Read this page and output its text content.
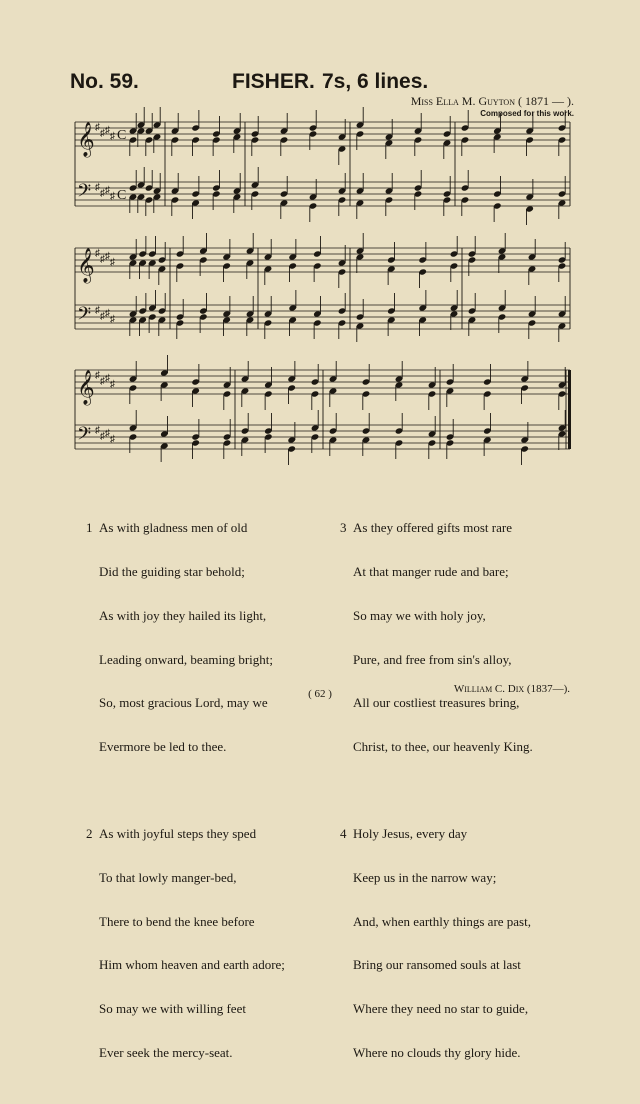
No. 59.	FISHER. 7s, 6 lines.
Miss Ella M. Guyton ( 1871 — ).
Composed for this work.
𝄞 ♯
♯ ♯
♯ C
𝄢 ♯
♯ ♯
♯ C
𝄞 ♯
♯ ♯
♯
𝄢 ♯
♯ ♯
♯
𝄞 ♯
♯ ♯
♯
𝄢 ♯
♯ ♯
♯

1 As with gladness men of old

Did the guiding star behold;

As with joy they hailed its light,

Leading onward, beaming bright;

So, most gracious Lord, may we

Evermore be led to thee.

2 As with joyful steps they sped

To that lowly manger-bed,

There to bend the knee before

Him whom heaven and earth adore;

So may we with willing feet

Ever seek the mercy-seat.

3 As they offered gifts most rare

At that manger rude and bare;

So may we with holy joy,

Pure, and free from sin's alloy,

All our costliest treasures bring,

Christ, to thee, our heavenly King.

4 Holy Jesus, every day

Keep us in the narrow way;

And, when earthly things are past,

Bring our ransomed souls at last

Where they need no star to guide,

Where no clouds thy glory hide.

William C. Dix (1837—).
( 62 )
